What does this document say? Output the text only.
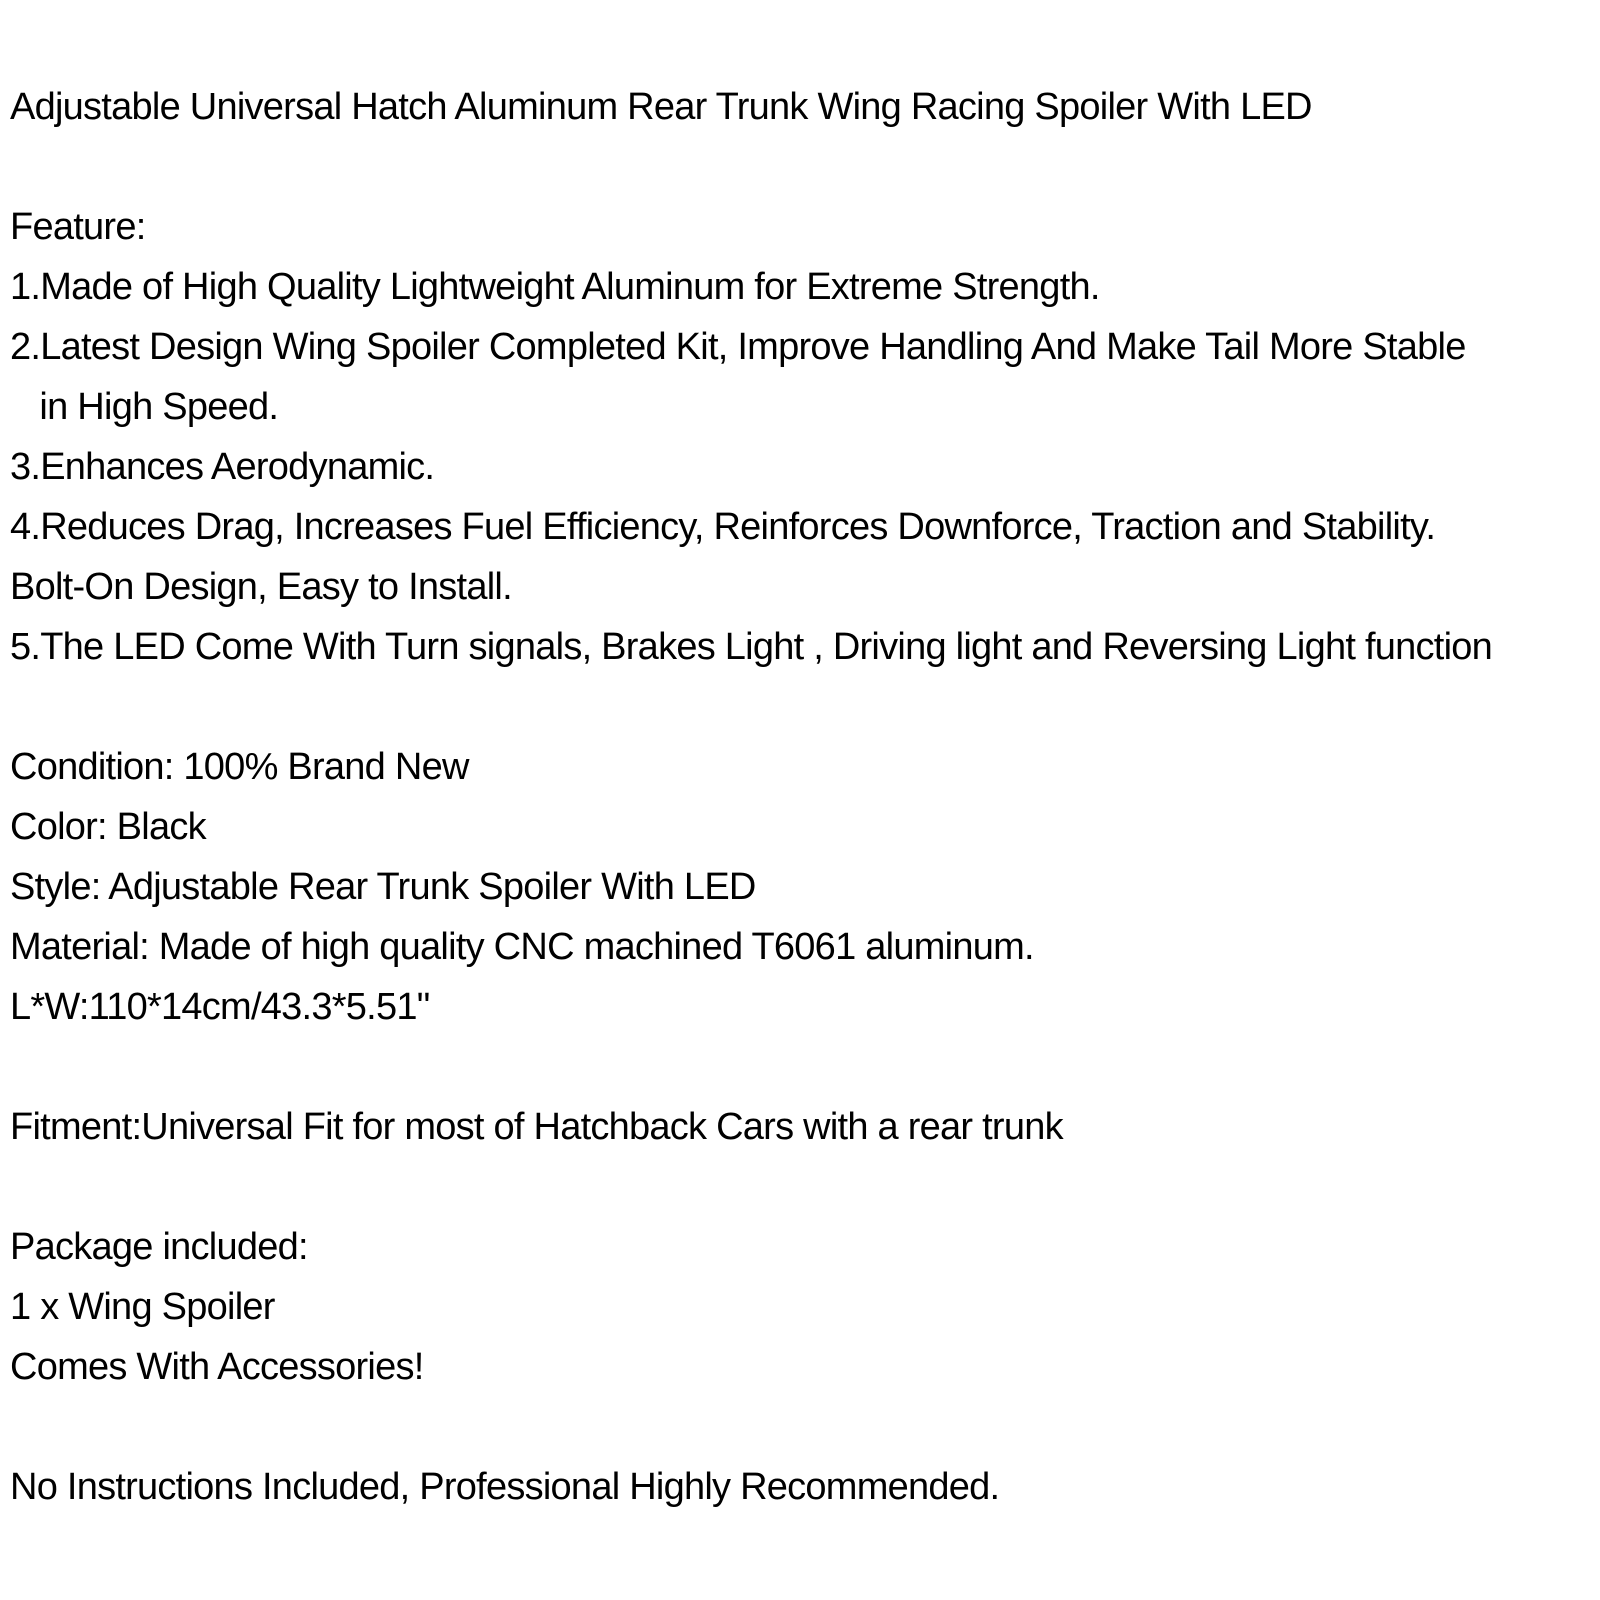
Adjustable Universal Hatch Aluminum Rear Trunk Wing Racing Spoiler With LED
Feature:
1.Made of High Quality Lightweight Aluminum for Extreme Strength.
2.Latest Design Wing Spoiler Completed Kit, Improve Handling And Make Tail More Stable
in High Speed.
3.Enhances Aerodynamic.
4.Reduces Drag, Increases Fuel Efficiency, Reinforces Downforce, Traction and Stability.
Bolt-On Design, Easy to Install.
5.The LED Come With Turn signals, Brakes Light , Driving light and Reversing Light function
Condition: 100% Brand New
Color: Black
Style: Adjustable Rear Trunk Spoiler With LED
Material: Made of high quality CNC machined T6061 aluminum.
L*W:110*14cm/43.3*5.51"
Fitment:Universal Fit for most of Hatchback Cars with a rear trunk
Package included:
1 x Wing Spoiler
Comes With Accessories!
No Instructions Included, Professional Highly Recommended.
